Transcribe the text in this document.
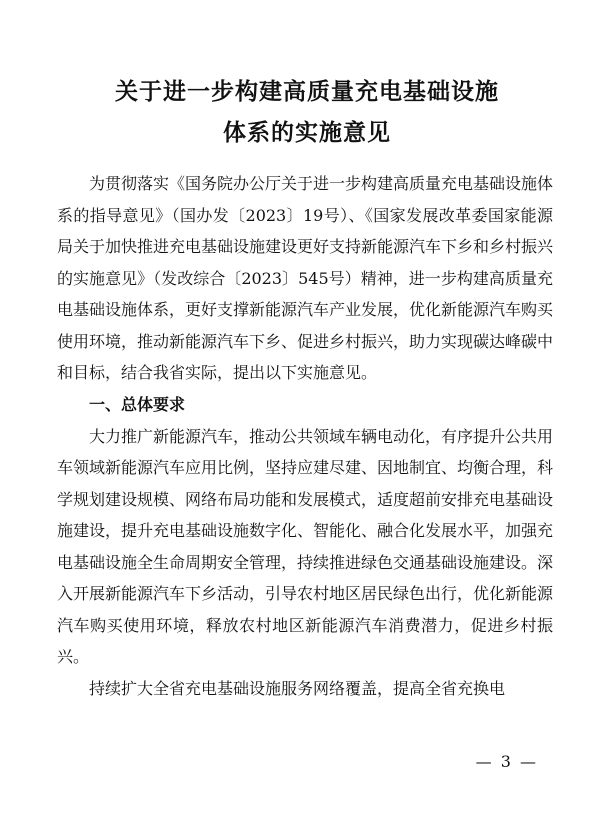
关于进一步构建高质量充电基础设施
体系的实施意见

为贯彻落实《国务院办公厅关于进一步构建高质量充电基础设施体系的指导意见》（国办发〔2023〕19号）、《国家发展改革委国家能源局关于加快推进充电基础设施建设更好支持新能源汽车下乡和乡村振兴的实施意见》（发改综合〔2023〕545号）精神，进一步构建高质量充电基础设施体系，更好支撑新能源汽车产业发展，优化新能源汽车购买使用环境，推动新能源汽车下乡、促进乡村振兴，助力实现碳达峰碳中和目标，结合我省实际，提出以下实施意见。

一、总体要求

大力推广新能源汽车，推动公共领域车辆电动化，有序提升公共用车领域新能源汽车应用比例，坚持应建尽建、因地制宜、均衡合理，科学规划建设规模、网络布局功能和发展模式，适度超前安排充电基础设施建设，提升充电基础设施数字化、智能化、融合化发展水平，加强充电基础设施全生命周期安全管理，持续推进绿色交通基础设施建设。深入开展新能源汽车下乡活动，引导农村地区居民绿色出行，优化新能源汽车购买使用环境，释放农村地区新能源汽车消费潜力，促进乡村振兴。

持续扩大全省充电基础设施服务网络覆盖，提高全省充换电

— 3 —
